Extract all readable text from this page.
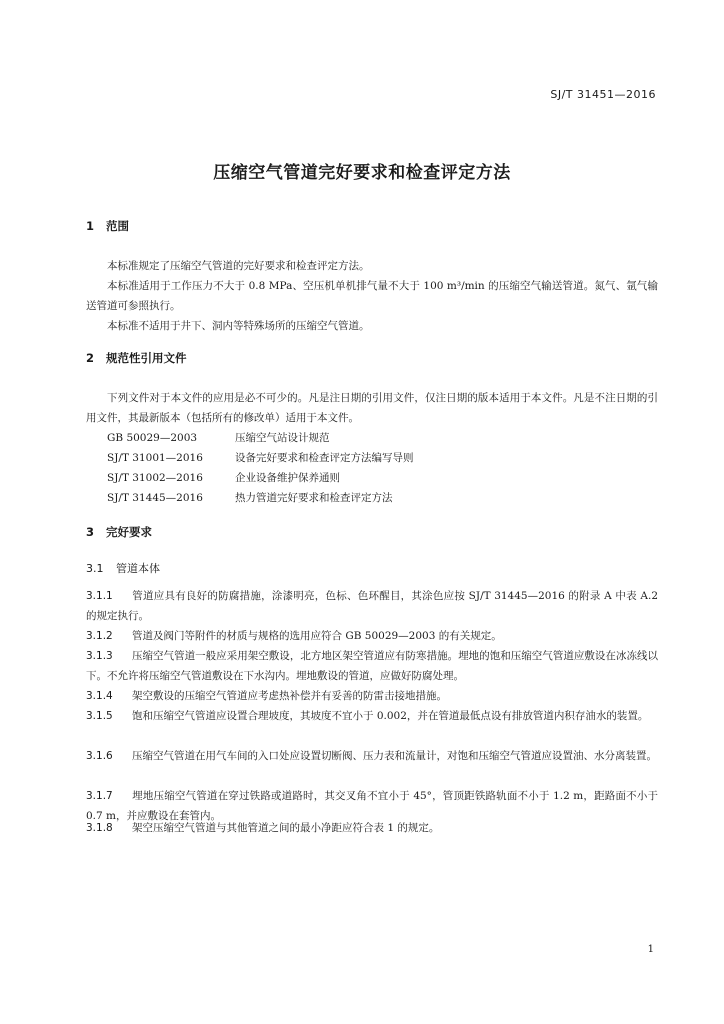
SJ/T 31451—2016
压缩空气管道完好要求和检查评定方法
1 范围
本标准规定了压缩空气管道的完好要求和检查评定方法。
本标准适用于工作压力不大于 0.8 MPa、空压机单机排气量不大于 100 m³/min 的压缩空气输送管道。氮气、氩气输送管道可参照执行。
本标准不适用于井下、洞内等特殊场所的压缩空气管道。
2 规范性引用文件
下列文件对于本文件的应用是必不可少的。凡是注日期的引用文件，仅注日期的版本适用于本文件。凡是不注日期的引用文件，其最新版本（包括所有的修改单）适用于本文件。
GB 50029—2003	压缩空气站设计规范
SJ/T 31001—2016	设备完好要求和检查评定方法编写导则
SJ/T 31002—2016	企业设备维护保养通则
SJ/T 31445—2016	热力管道完好要求和检查评定方法
3 完好要求
3.1 管道本体
3.1.1 管道应具有良好的防腐措施，涂漆明亮，色标、色环醒目，其涂色应按 SJ/T 31445—2016 的附录 A 中表 A.2 的规定执行。
3.1.2 管道及阀门等附件的材质与规格的选用应符合 GB 50029—2003 的有关规定。
3.1.3 压缩空气管道一般应采用架空敷设，北方地区架空管道应有防寒措施。埋地的饱和压缩空气管道应敷设在冰冻线以下。不允许将压缩空气管道敷设在下水沟内。埋地敷设的管道，应做好防腐处理。
3.1.4 架空敷设的压缩空气管道应考虑热补偿并有妥善的防雷击接地措施。
3.1.5 饱和压缩空气管道应设置合理坡度，其坡度不宜小于 0.002，并在管道最低点设有排放管道内积存油水的装置。
3.1.6 压缩空气管道在用气车间的入口处应设置切断阀、压力表和流量计，对饱和压缩空气管道应设置油、水分离装置。
3.1.7 埋地压缩空气管道在穿过铁路或道路时，其交叉角不宜小于 45°，管顶距铁路轨面不小于 1.2 m，距路面不小于 0.7 m，并应敷设在套管内。
3.1.8 架空压缩空气管道与其他管道之间的最小净距应符合表 1 的规定。
1
